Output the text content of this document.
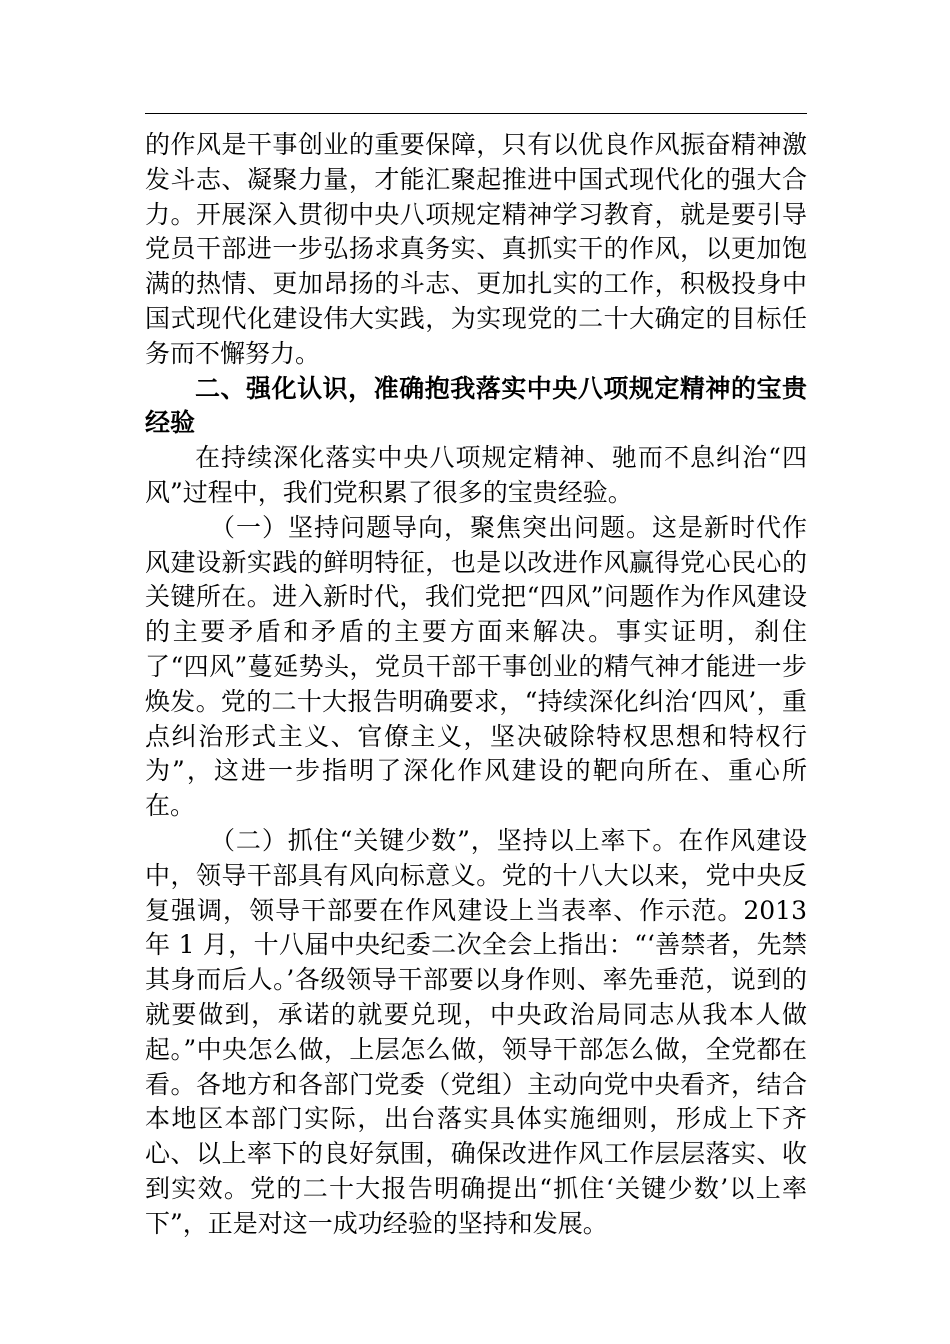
的作风是干事创业的重要保障，只有以优良作风振奋精神激发斗志、凝聚力量，才能汇聚起推进中国式现代化的强大合力。开展深入贯彻中央八项规定精神学习教育，就是要引导党员干部进一步弘扬求真务实、真抓实干的作风，以更加饱满的热情、更加昂扬的斗志、更加扎实的工作，积极投身中国式现代化建设伟大实践，为实现党的二十大确定的目标任务而不懈努力。

二、强化认识，准确抱我落实中央八项规定精神的宝贵经验

在持续深化落实中央八项规定精神、驰而不息纠治“四风”过程中，我们党积累了很多的宝贵经验。

（一）坚持问题导向，聚焦突出问题。这是新时代作风建设新实践的鲜明特征，也是以改进作风赢得党心民心的关键所在。进入新时代，我们党把“四风”问题作为作风建设的主要矛盾和矛盾的主要方面来解决。事实证明，刹住了“四风”蔓延势头，党员干部干事创业的精气神才能进一步焕发。党的二十大报告明确要求，“持续深化纠治‘四风’，重点纠治形式主义、官僚主义，坚决破除特权思想和特权行为”，这进一步指明了深化作风建设的靶向所在、重心所在。

（二）抓住“关键少数”，坚持以上率下。在作风建设中，领导干部具有风向标意义。党的十八大以来，党中央反复强调，领导干部要在作风建设上当表率、作示范。2013 年 1 月，十八届中央纪委二次全会上指出：“‘善禁者，先禁其身而后人。’各级领导干部要以身作则、率先垂范，说到的就要做到，承诺的就要兑现，中央政治局同志从我本人做起。”中央怎么做，上层怎么做，领导干部怎么做，全党都在看。各地方和各部门党委（党组）主动向党中央看齐，结合本地区本部门实际，出台落实具体实施细则，形成上下齐心、以上率下的良好氛围，确保改进作风工作层层落实、收到实效。党的二十大报告明确提出“抓住‘关键少数’以上率下”，正是对这一成功经验的坚持和发展。
